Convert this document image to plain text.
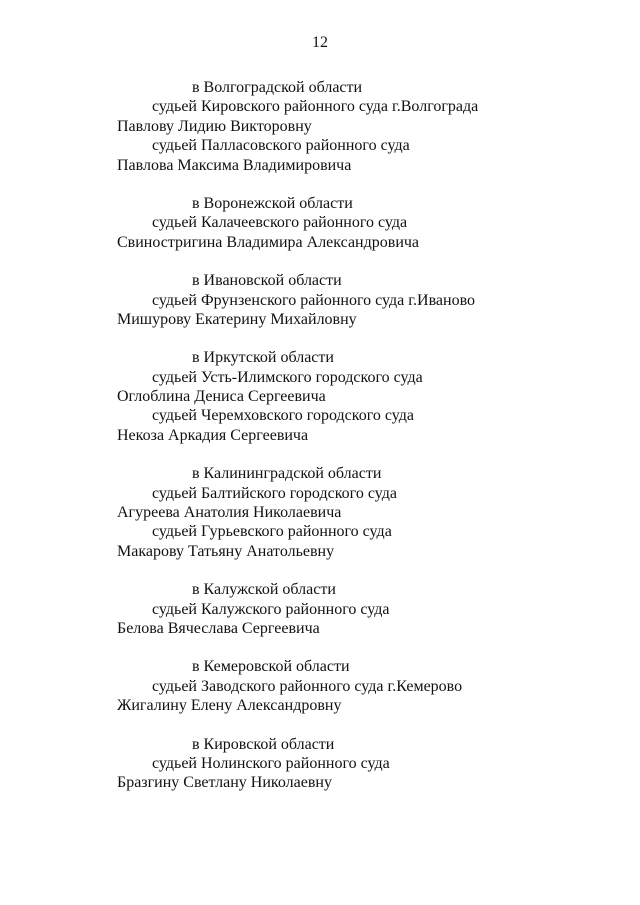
12
в Волгоградской области
судьей Кировского районного суда г.Волгограда
Павлову Лидию Викторовну
судьей Палласовского районного суда
Павлова Максима Владимировича
в Воронежской области
судьей Калачеевского районного суда
Свиностригина Владимира Александровича
в Ивановской области
судьей Фрунзенского районного суда г.Иваново
Мишурову Екатерину Михайловну
в Иркутской области
судьей Усть-Илимского городского суда
Оглоблина Дениса Сергеевича
судьей Черемховского городского суда
Некоза Аркадия Сергеевича
в Калининградской области
судьей Балтийского городского суда
Агуреева Анатолия Николаевича
судьей Гурьевского районного суда
Макарову Татьяну Анатольевну
в Калужской области
судьей Калужского районного суда
Белова Вячеслава Сергеевича
в Кемеровской области
судьей Заводского районного суда г.Кемерово
Жигалину Елену Александровну
в Кировской области
судьей Нолинского районного суда
Бразгину Светлану Николаевну
